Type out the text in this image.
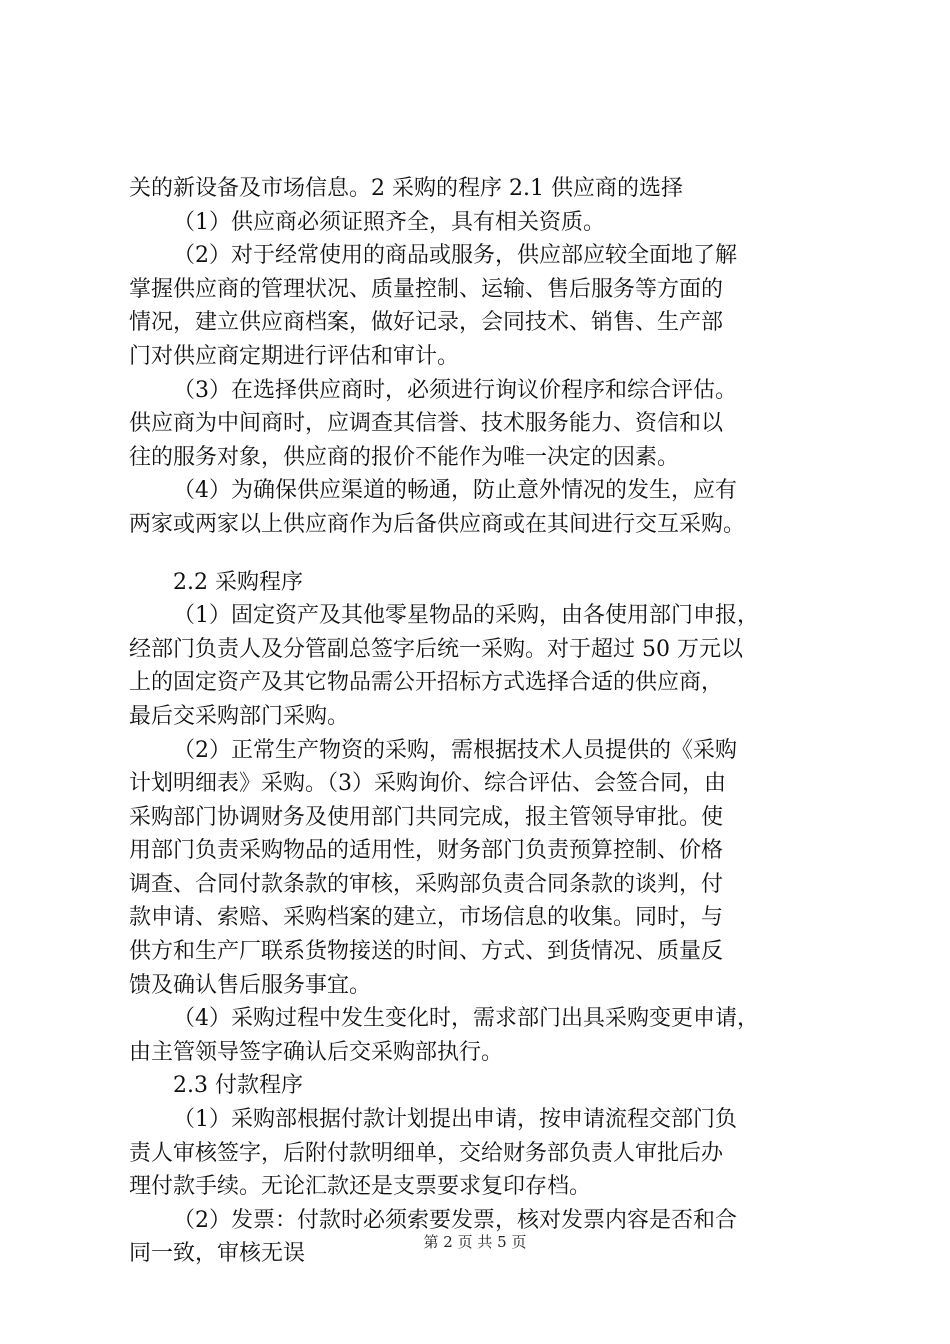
关的新设备及市场信息。2 采购的程序 2.1 供应商的选择
（1）供应商必须证照齐全，具有相关资质。
（2）对于经常使用的商品或服务，供应部应较全面地了解
掌握供应商的管理状况、质量控制、运输、售后服务等方面的
情况，建立供应商档案，做好记录，会同技术、销售、生产部
门对供应商定期进行评估和审计。
（3）在选择供应商时，必须进行询议价程序和综合评估。
供应商为中间商时，应调查其信誉、技术服务能力、资信和以
往的服务对象，供应商的报价不能作为唯一决定的因素。
（4）为确保供应渠道的畅通，防止意外情况的发生，应有
两家或两家以上供应商作为后备供应商或在其间进行交互采购。
2.2 采购程序
（1）固定资产及其他零星物品的采购，由各使用部门申报，
经部门负责人及分管副总签字后统一采购。对于超过 50 万元以
上的固定资产及其它物品需公开招标方式选择合适的供应商，
最后交采购部门采购。
（2）正常生产物资的采购，需根据技术人员提供的《采购
计划明细表》采购。（3）采购询价、综合评估、会签合同，由
采购部门协调财务及使用部门共同完成，报主管领导审批。使
用部门负责采购物品的适用性，财务部门负责预算控制、价格
调查、合同付款条款的审核，采购部负责合同条款的谈判，付
款申请、索赔、采购档案的建立，市场信息的收集。同时，与
供方和生产厂联系货物接送的时间、方式、到货情况、质量反
馈及确认售后服务事宜。
（4）采购过程中发生变化时，需求部门出具采购变更申请，
由主管领导签字确认后交采购部执行。
2.3 付款程序
（1）采购部根据付款计划提出申请，按申请流程交部门负
责人审核签字，后附付款明细单，交给财务部负责人审批后办
理付款手续。无论汇款还是支票要求复印存档。
（2）发票：付款时必须索要发票，核对发票内容是否和合
同一致，审核无误	第 2 页 共 5 页
